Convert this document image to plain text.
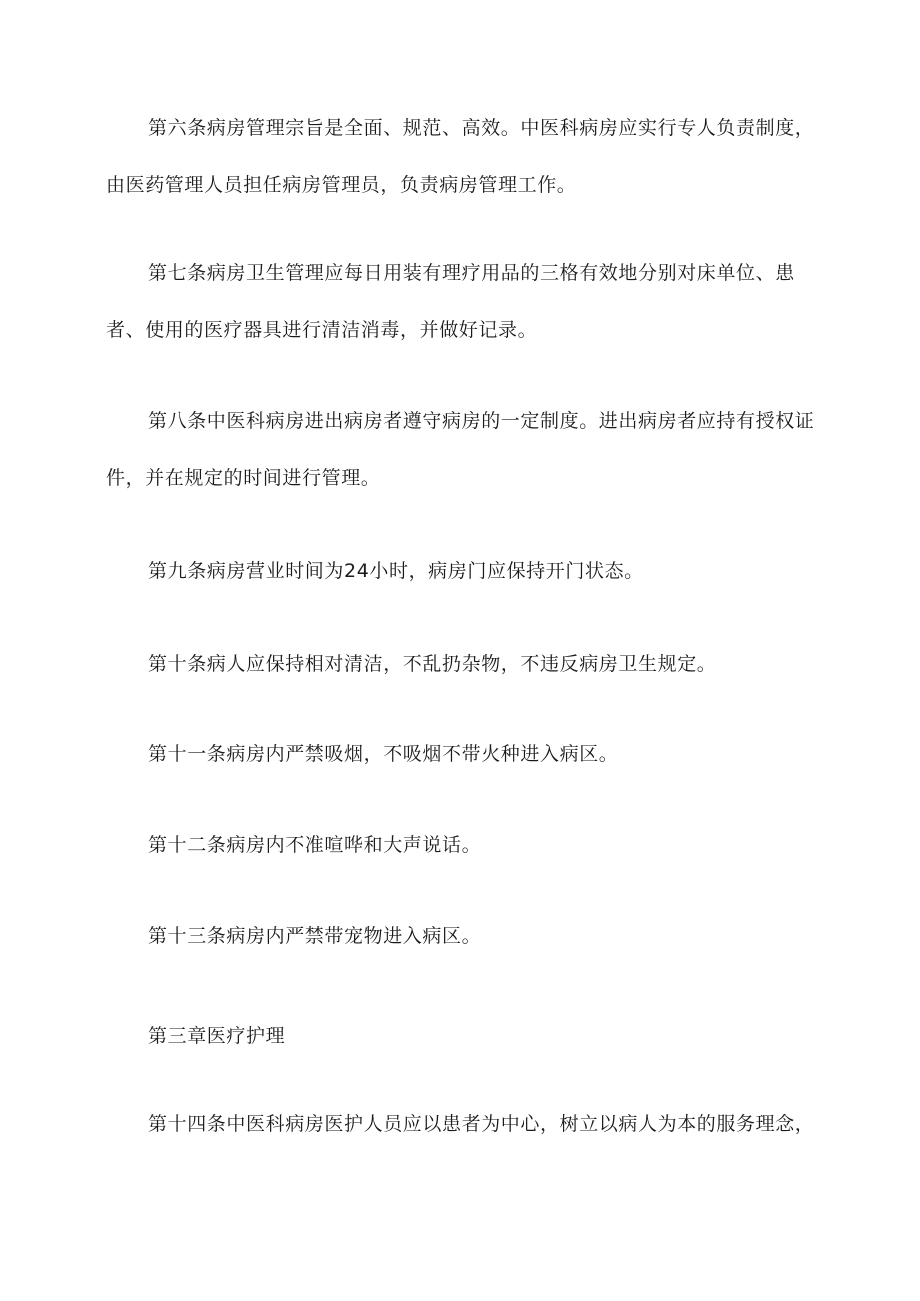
第六条病房管理宗旨是全面、规范、高效。中医科病房应实行专人负责制度，由医药管理人员担任病房管理员，负责病房管理工作。

第七条病房卫生管理应每日用装有理疗用品的三格有效地分别对床单位、患者、使用的医疗器具进行清洁消毒，并做好记录。

第八条中医科病房进出病房者遵守病房的一定制度。进出病房者应持有授权证件，并在规定的时间进行管理。

第九条病房营业时间为24小时，病房门应保持开门状态。

第十条病人应保持相对清洁，不乱扔杂物，不违反病房卫生规定。

第十一条病房内严禁吸烟，不吸烟不带火种进入病区。

第十二条病房内不准喧哗和大声说话。

第十三条病房内严禁带宠物进入病区。

第三章医疗护理

第十四条中医科病房医护人员应以患者为中心，树立以病人为本的服务理念，
